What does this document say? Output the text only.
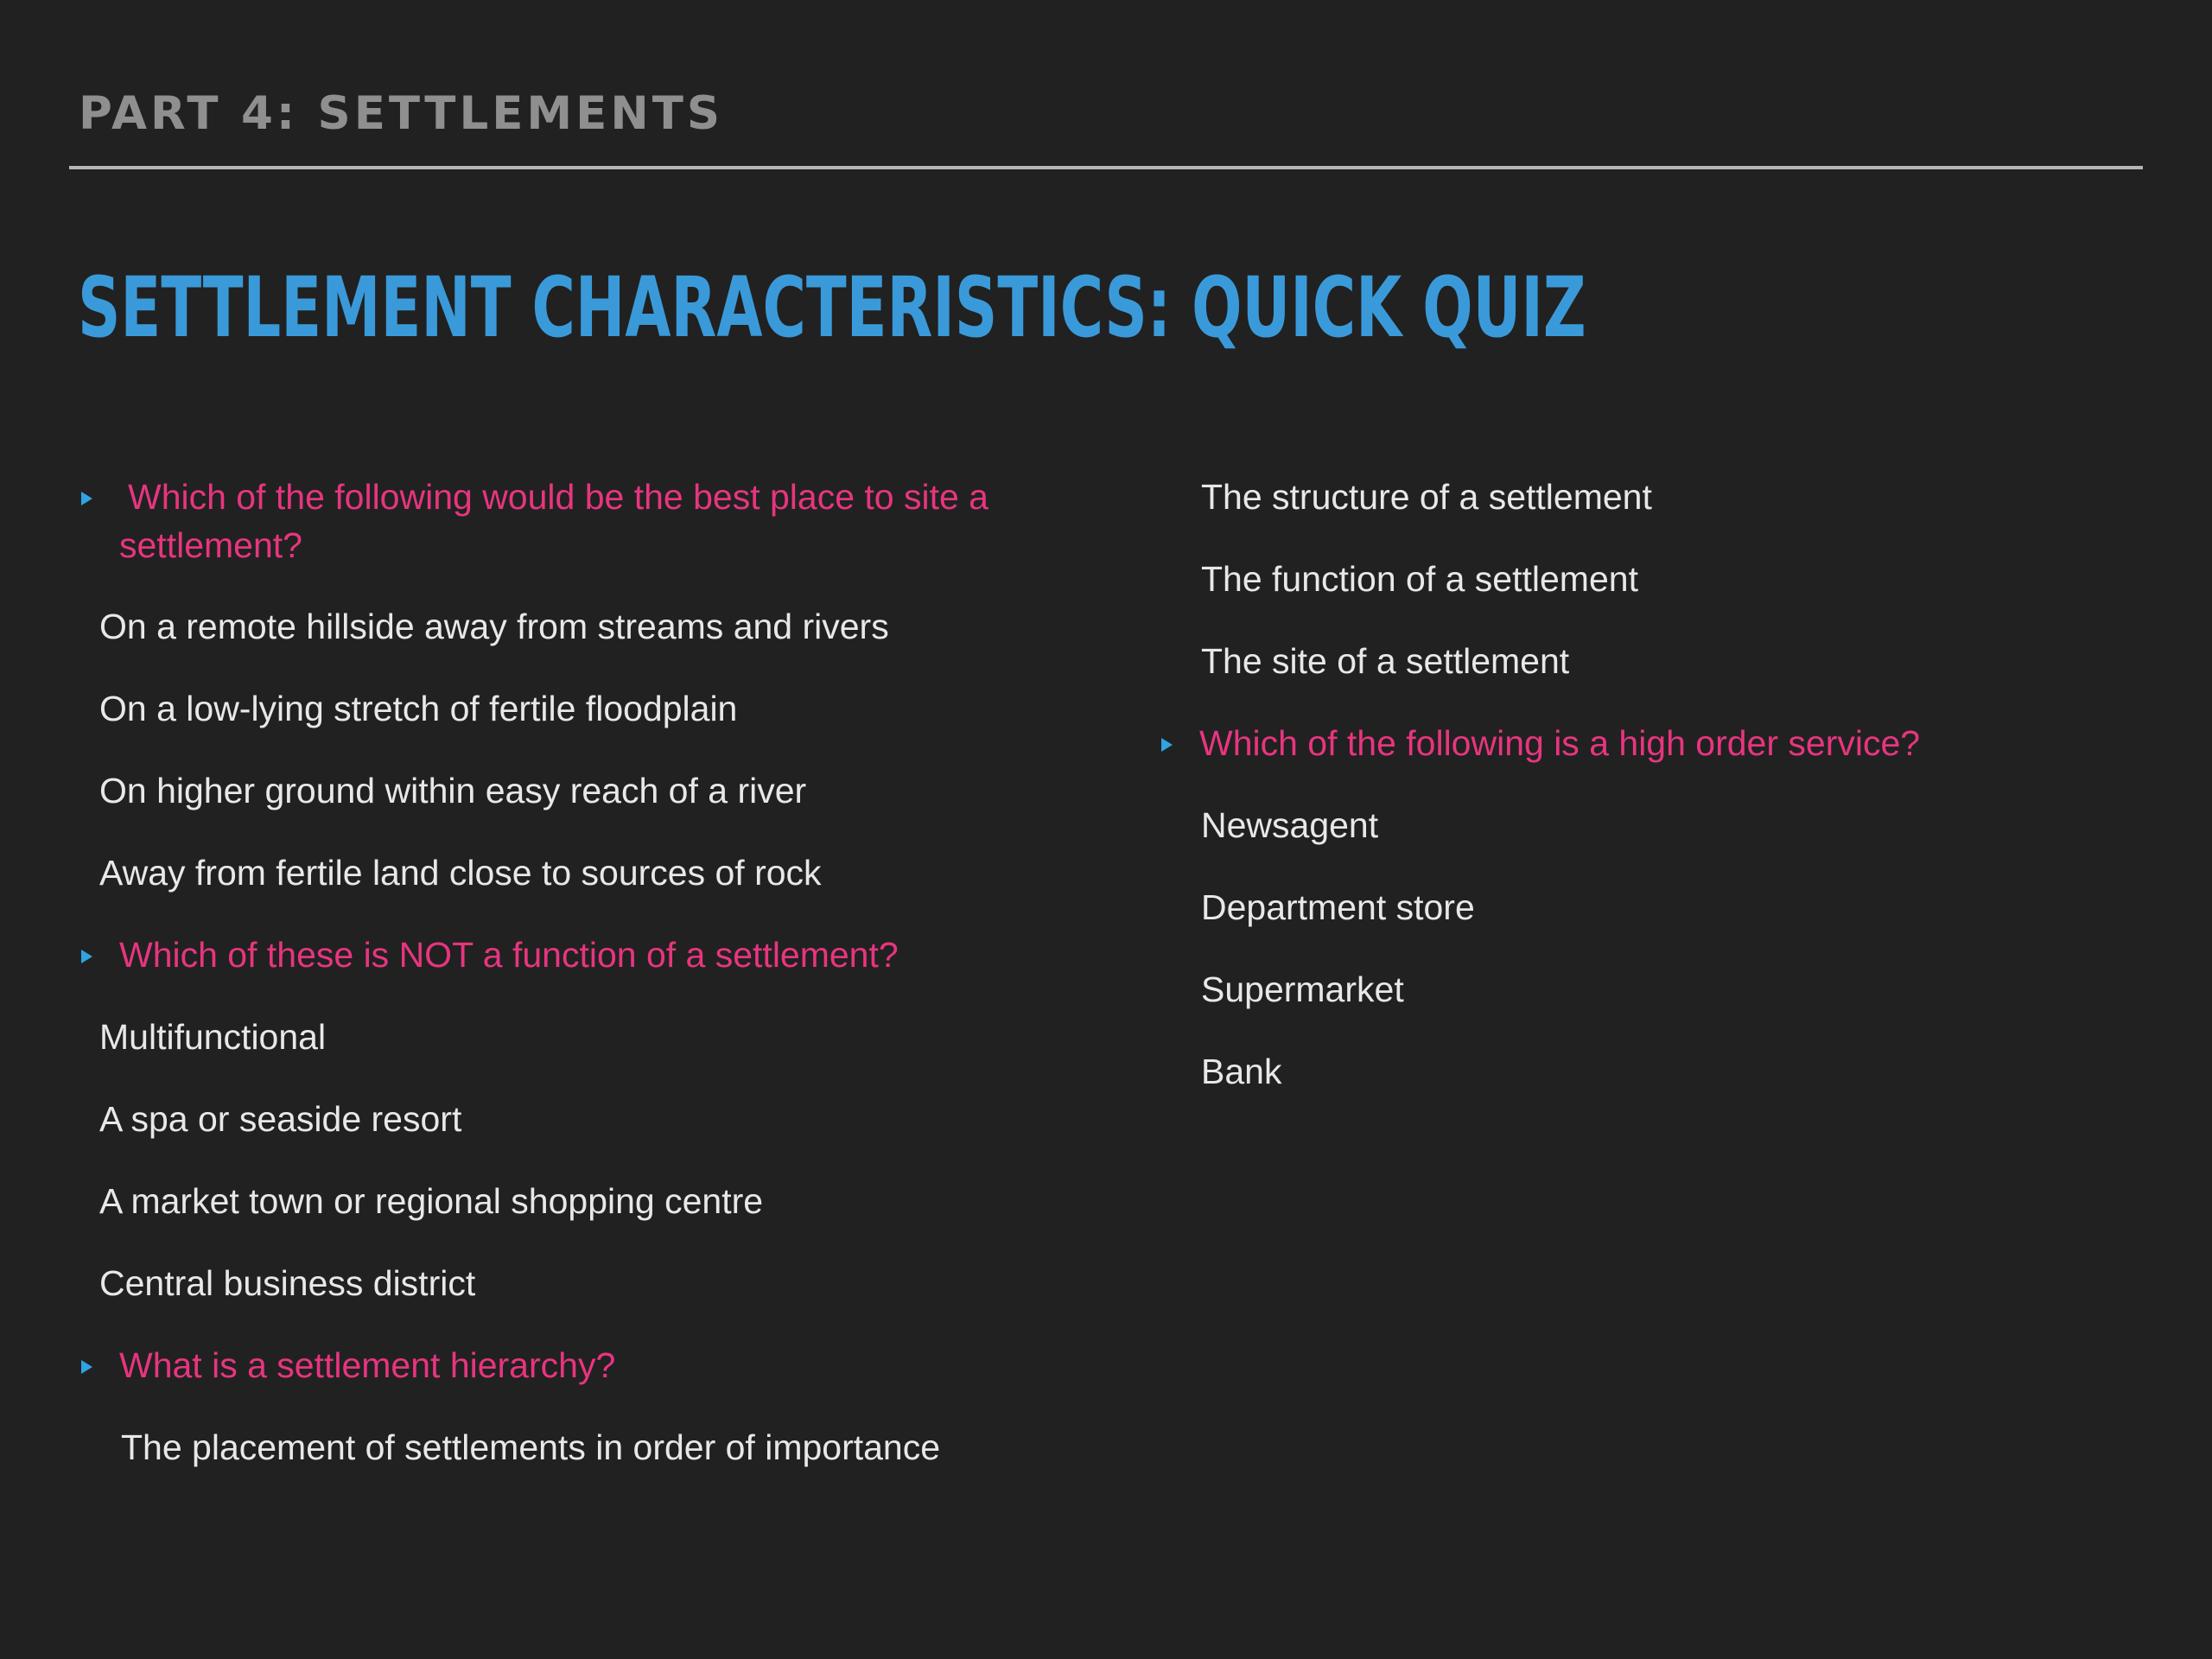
PART 4: SETTLEMENTS
SETTLEMENT CHARACTERISTICS: QUICK QUIZ
Which of the following would be the best place to site a settlement?
On a remote hillside away from streams and rivers
On a low-lying stretch of fertile floodplain
On higher ground within easy reach of a river
Away from fertile land close to sources of rock
Which of these is NOT a function of a settlement?
Multifunctional
A spa or seaside resort
A market town or regional shopping centre
Central business district
What is a settlement hierarchy?
The placement of settlements in order of importance
The structure of a settlement
The function of a settlement
The site of a settlement
Which of the following is a high order service?
Newsagent
Department store
Supermarket
Bank
